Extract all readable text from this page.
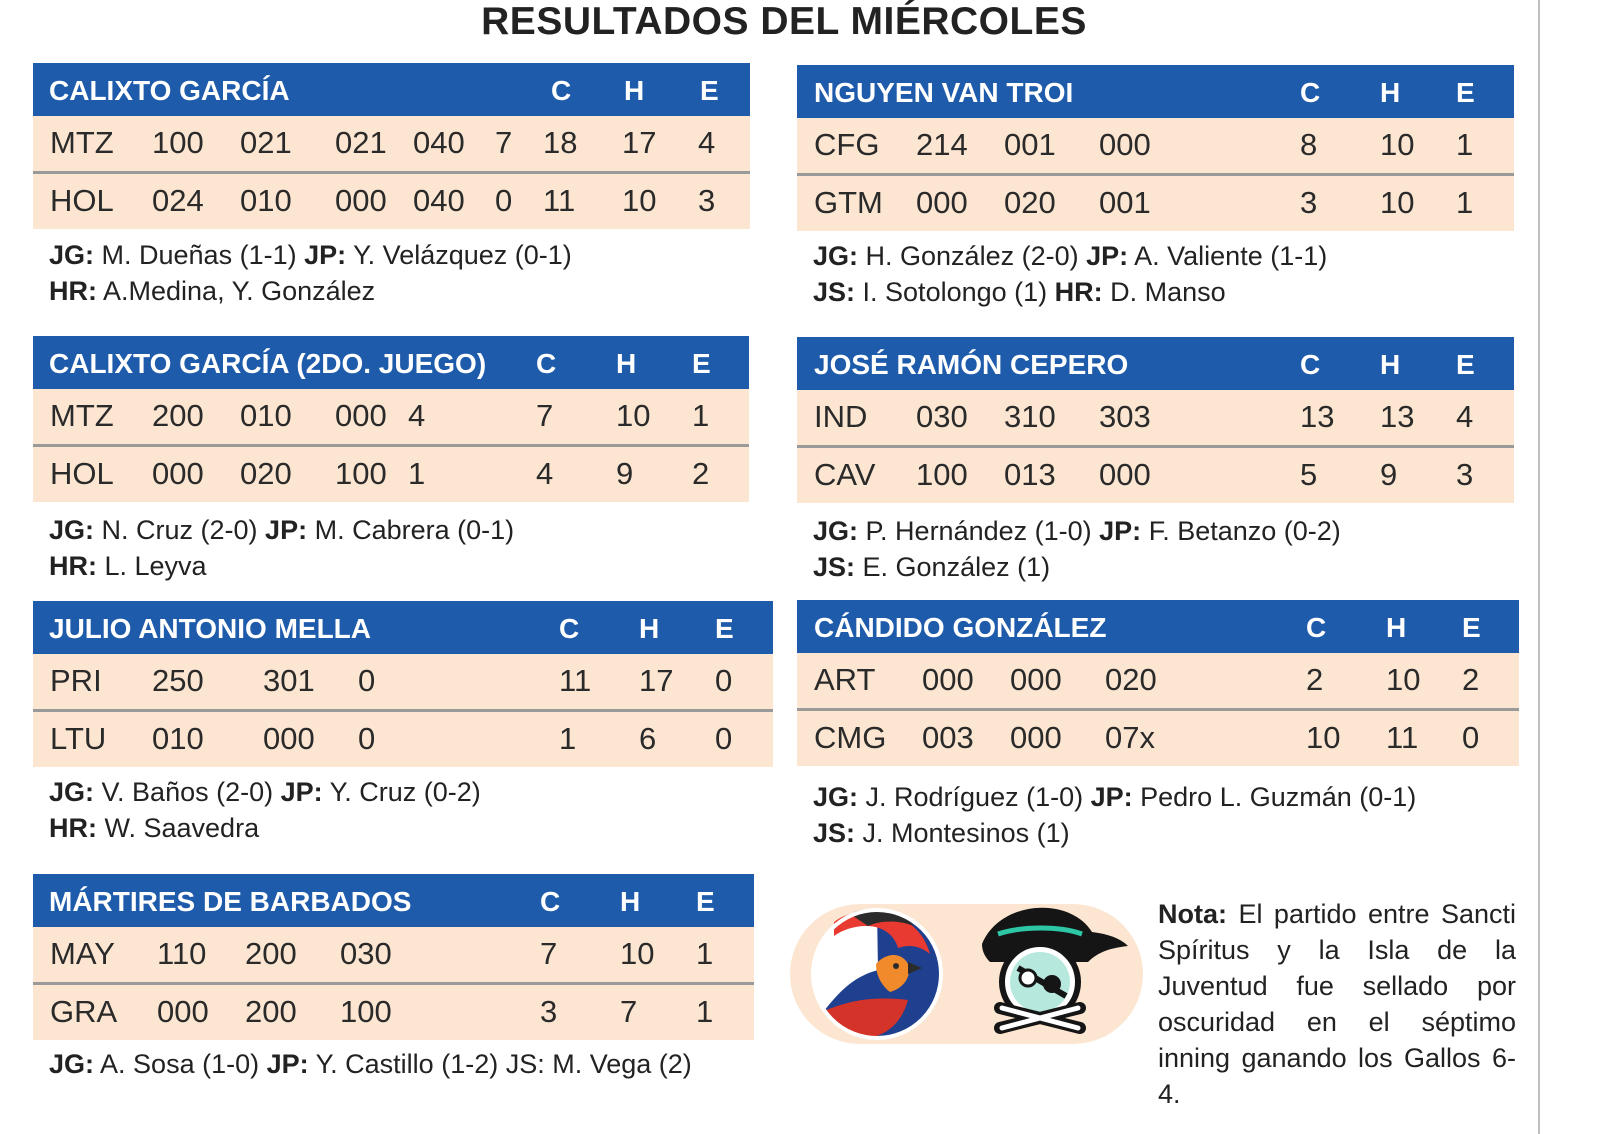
RESULTADOS DEL MIÉRCOLES
CALIXTO GARCÍA	C H E
MTZ 100 021 021 040 7 18 17 4
HOL 024 010 000 040 0 11 10 3
JG: M. Dueñas (1-1) JP: Y. Velázquez (0-1)
HR: A.Medina, Y. González
NGUYEN VAN TROI	C H E
CFG 214 001 000	8 10 1
GTM 000 020 001	3 10 1
JG: H. González (2-0) JP: A. Valiente (1-1)
JS: I. Sotolongo (1) HR: D. Manso
CALIXTO GARCÍA (2DO. JUEGO) C H E
MTZ 200 010 000 4	7 10 1
HOL 000 020 100 1	4 9 2
JG: N. Cruz (2-0) JP: M. Cabrera (0-1)
HR: L. Leyva
JOSÉ RAMÓN CEPERO	C H E
IND 030 310 303	13 13 4
CAV 100 013 000	5 9 3
JG: P. Hernández (1-0) JP: F. Betanzo (0-2)
JS: E. González (1)
JULIO ANTONIO MELLA	C H E
PRI 250 301 0	11 17 0
LTU 010 000 0	1 6 0
JG: V. Baños (2-0) JP: Y. Cruz (0-2)
HR: W. Saavedra
CÁNDIDO GONZÁLEZ	C H E
ART 000 000 020	2 10 2
CMG 003 000 07x	10 11 0
JG: J. Rodríguez (1-0) JP: Pedro L. Guzmán (0-1)
JS: J. Montesinos (1)
MÁRTIRES DE BARBADOS	C H E
MAY 110 200 030	7 10 1
GRA 000 200 100	3 7 1
JG: A. Sosa (1-0) JP: Y. Castillo (1-2) JS: M. Vega (2)
Nota: El partido entre Sancti Spíritus y la Isla de la Juventud fue sellado por oscuridad en el séptimo inning ganando los Gallos 6-4.
